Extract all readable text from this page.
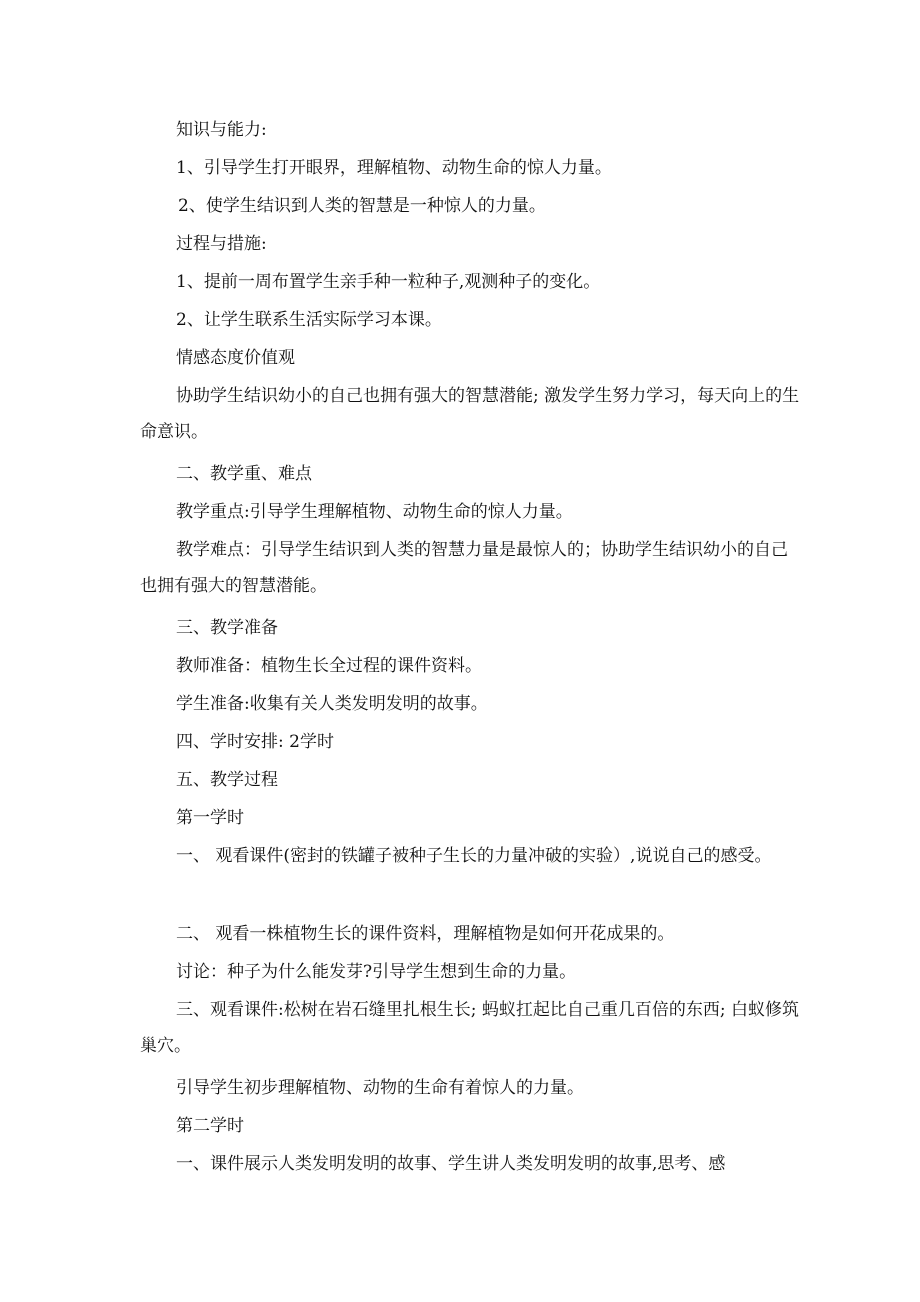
知识与能力:
1、引导学生打开眼界，理解植物、动物生命的惊人力量。
2、使学生结识到人类的智慧是一种惊人的力量。
过程与措施:
1、提前一周布置学生亲手种一粒种子,观测种子的变化。
2、让学生联系生活实际学习本课。
情感态度价值观
协助学生结识幼小的自己也拥有强大的智慧潜能; 激发学生努力学习，每天向上的生命意识。
二、教学重、难点
教学重点:引导学生理解植物、动物生命的惊人力量。
教学难点：引导学生结识到人类的智慧力量是最惊人的；协助学生结识幼小的自己也拥有强大的智慧潜能。
三、教学准备
教师准备：植物生长全过程的课件资料。
学生准备:收集有关人类发明发明的故事。
四、学时安排: 2学时
五、教学过程
第一学时
一、 观看课件(密封的铁罐子被种子生长的力量冲破的实验）,说说自己的感受。
二、 观看一株植物生长的课件资料，理解植物是如何开花成果的。
讨论：种子为什么能发芽?引导学生想到生命的力量。
三、观看课件:松树在岩石缝里扎根生长; 蚂蚁扛起比自己重几百倍的东西; 白蚁修筑巢穴。
引导学生初步理解植物、动物的生命有着惊人的力量。
第二学时
一、课件展示人类发明发明的故事、学生讲人类发明发明的故事,思考、感
